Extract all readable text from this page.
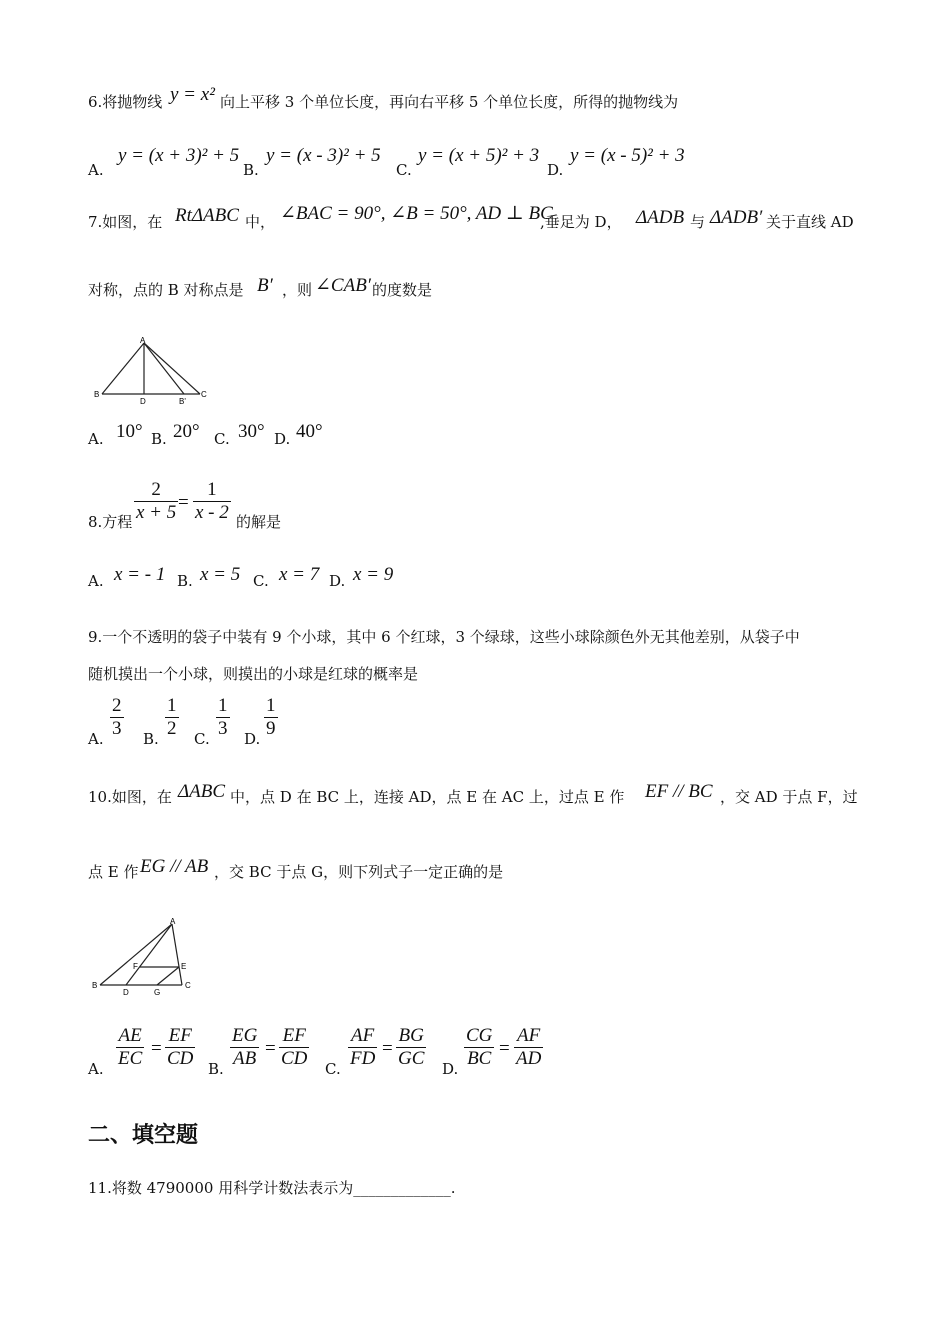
6.将抛物线 y = x² 向上平移 3 个单位长度，再向右平移 5 个单位长度，所得的抛物线为
A.
y = (x + 3)² + 5
B.
y = (x - 3)² + 5
C.
y = (x + 5)² + 3
D.
y = (x - 5)² + 3
7.如图，在 RtΔABC 中， ∠BAC = 90°, ∠B = 50°, AD ⊥ BC
,垂足为 D， ΔADB 与 ΔADB′ 关于直线 AD
对称，点的 B 对称点是 B′ ，则 ∠CAB′ 的度数是
A
B
D	B'
C
A. 10° B. 20° C. 30° D. 40°
8.方程 $\frac{2}{x + 5} = \frac{1}{x - 2}$ 的解是
A. x = - 1 B. x = 5 C. x = 7 D. x = 9
9.一个不透明的袋子中装有 9 个小球，其中 6 个红球，3 个绿球，这些小球除颜色外无其他差别，从袋子中
随机摸出一个小球，则摸出的小球是红球的概率是
A. $\frac{2}{3} B$. $\frac{1}{2} C$. $\frac{1}{3} D$. $\frac{1}{9}$
10.如图，在 ΔABC 中，点 D 在 BC 上，连接 AD，点 E 在 AC 上，过点 E 作 EF // BC ，交 AD 于点 F，过
点 E 作 EG // AB ，交 BC 于点 G，则下列式子一定正确的是
A
B	C
D
E
F
G
A. $\frac{AE}{EC} = \frac{EF}{CD} B$. $\frac{EG}{AB} = \frac{EF}{CD} C$. $\frac{AF}{FD} = \frac{BG}{GC} D$. $\frac{CG}{BC} = \frac{AF}{AD}$
二、填空题
11.将数 4790000 用科学计数法表示为_____________.
